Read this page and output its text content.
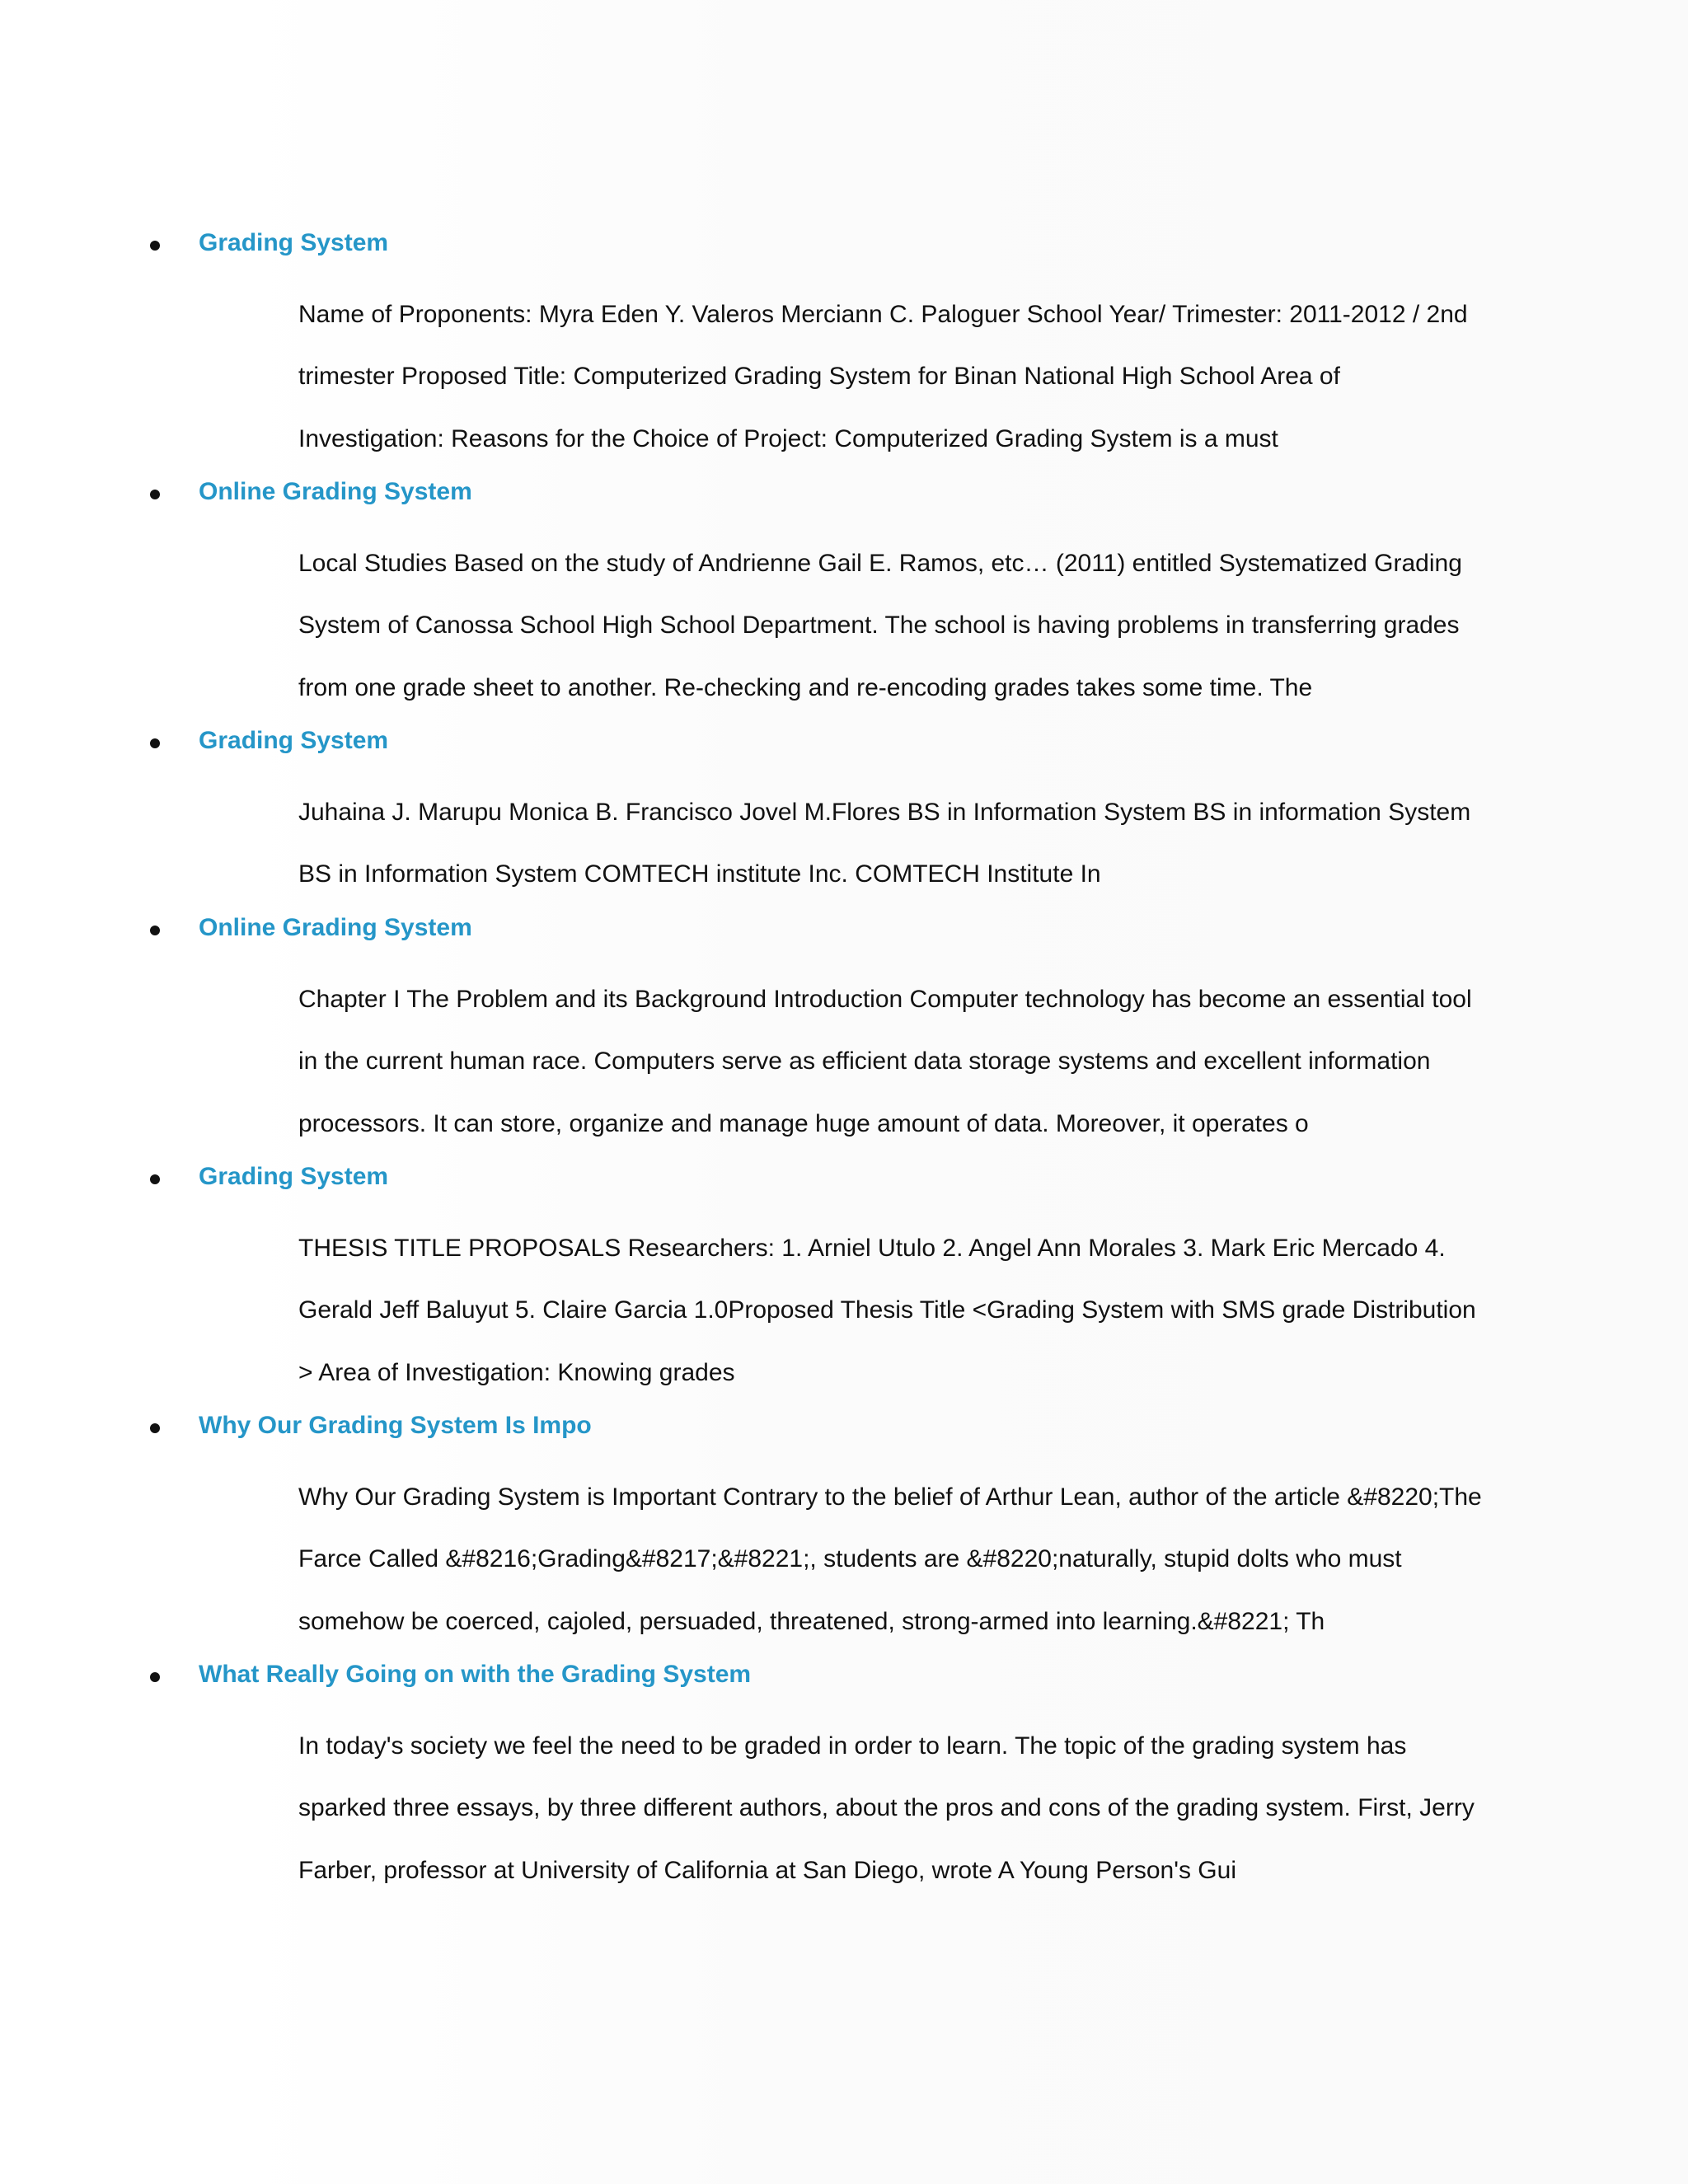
Grading System

Name of Proponents: Myra Eden Y. Valeros Merciann C. Paloguer School Year/ Trimester: 2011-2012 / 2nd
trimester Proposed Title: Computerized Grading System for Binan National High School Area of
Investigation: Reasons for the Choice of Project: Computerized Grading System is a must

Online Grading System

Local Studies Based on the study of Andrienne Gail E. Ramos, etc… (2011) entitled Systematized Grading
System of Canossa School High School Department. The school is having problems in transferring grades
from one grade sheet to another. Re-checking and re-encoding grades takes some time. The

Grading System

Juhaina J. Marupu Monica B. Francisco Jovel M.Flores BS in Information System BS in information System
BS in Information System COMTECH institute Inc. COMTECH Institute In

Online Grading System

Chapter I The Problem and its Background Introduction Computer technology has become an essential tool
in the current human race. Computers serve as efficient data storage systems and excellent information
processors. It can store, organize and manage huge amount of data. Moreover, it operates o

Grading System

THESIS TITLE PROPOSALS Researchers: 1. Arniel Utulo 2. Angel Ann Morales 3. Mark Eric Mercado 4.
Gerald Jeff Baluyut 5. Claire Garcia 1.0Proposed Thesis Title <Grading System with SMS grade Distribution
> Area of Investigation: Knowing grades

Why Our Grading System Is Impo

Why Our Grading System is Important Contrary to the belief of Arthur Lean, author of the article &#8220;The
Farce Called &#8216;Grading&#8217;&#8221;, students are &#8220;naturally, stupid dolts who must
somehow be coerced, cajoled, persuaded, threatened, strong-armed into learning.&#8221; Th

What Really Going on with the Grading System

In today's society we feel the need to be graded in order to learn. The topic of the grading system has
sparked three essays, by three different authors, about the pros and cons of the grading system. First, Jerry
Farber, professor at University of California at San Diego, wrote A Young Person's Gui
